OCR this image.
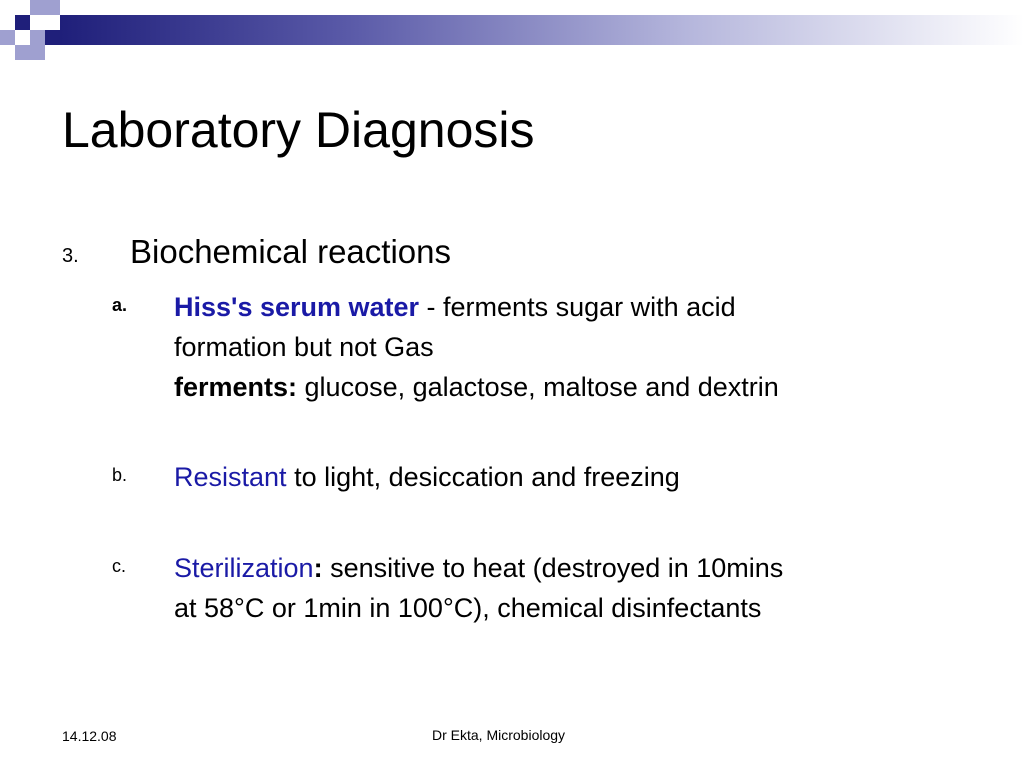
Laboratory Diagnosis
3. Biochemical reactions
a. Hiss's serum water - ferments sugar with acid
formation but not Gas
ferments: glucose, galactose, maltose and dextrin
b. Resistant to light, desiccation and freezing
c. Sterilization: sensitive to heat (destroyed in 10mins
at 58°C or 1min in 100°C), chemical disinfectants
14.12.08	Dr Ekta, Microbiology
